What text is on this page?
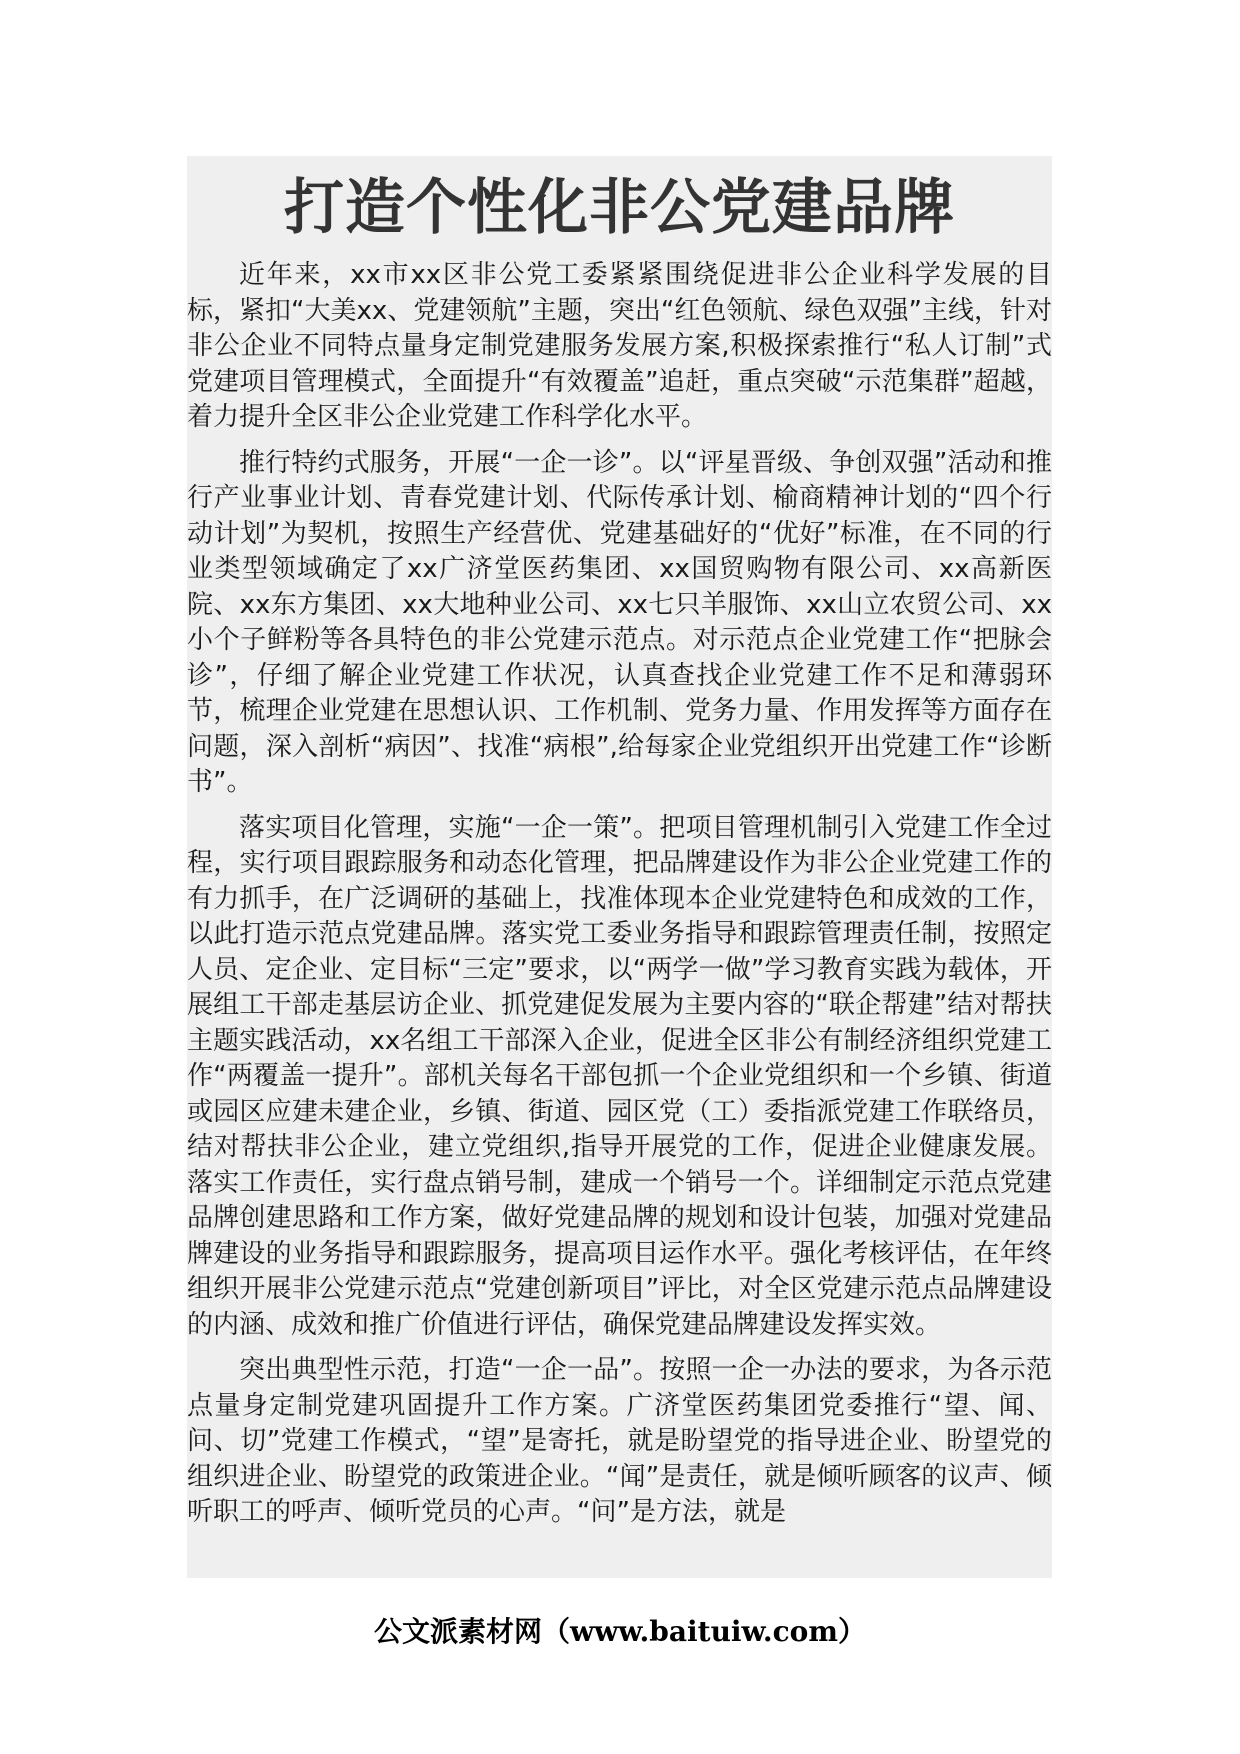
打造个性化非公党建品牌

近年来，xx市xx区非公党工委紧紧围绕促进非公企业科学发展的目标，紧扣“大美xx、党建领航”主题，突出“红色领航、绿色双强”主线，针对非公企业不同特点量身定制党建服务发展方案,积极探索推行“私人订制”式党建项目管理模式，全面提升“有效覆盖”追赶，重点突破“示范集群”超越，着力提升全区非公企业党建工作科学化水平。

推行特约式服务，开展“一企一诊”。以“评星晋级、争创双强”活动和推行产业事业计划、青春党建计划、代际传承计划、榆商精神计划的“四个行动计划”为契机，按照生产经营优、党建基础好的“优好”标准，在不同的行业类型领域确定了xx广济堂医药集团、xx国贸购物有限公司、xx高新医院、xx东方集团、xx大地种业公司、xx七只羊服饰、xx山立农贸公司、xx小个子鲜粉等各具特色的非公党建示范点。对示范点企业党建工作“把脉会诊”，仔细了解企业党建工作状况，认真查找企业党建工作不足和薄弱环节，梳理企业党建在思想认识、工作机制、党务力量、作用发挥等方面存在问题，深入剖析“病因”、找准“病根”,给每家企业党组织开出党建工作“诊断书”。

落实项目化管理，实施“一企一策”。把项目管理机制引入党建工作全过程，实行项目跟踪服务和动态化管理，把品牌建设作为非公企业党建工作的有力抓手，在广泛调研的基础上，找准体现本企业党建特色和成效的工作，以此打造示范点党建品牌。落实党工委业务指导和跟踪管理责任制，按照定人员、定企业、定目标“三定”要求，以“两学一做”学习教育实践为载体，开展组工干部走基层访企业、抓党建促发展为主要内容的“联企帮建”结对帮扶主题实践活动，xx名组工干部深入企业，促进全区非公有制经济组织党建工作“两覆盖一提升”。部机关每名干部包抓一个企业党组织和一个乡镇、街道或园区应建未建企业，乡镇、街道、园区党（工）委指派党建工作联络员，结对帮扶非公企业，建立党组织,指导开展党的工作，促进企业健康发展。落实工作责任，实行盘点销号制，建成一个销号一个。详细制定示范点党建品牌创建思路和工作方案，做好党建品牌的规划和设计包装，加强对党建品牌建设的业务指导和跟踪服务，提高项目运作水平。强化考核评估，在年终组织开展非公党建示范点“党建创新项目”评比，对全区党建示范点品牌建设的内涵、成效和推广价值进行评估，确保党建品牌建设发挥实效。

突出典型性示范，打造“一企一品”。按照一企一办法的要求，为各示范点量身定制党建巩固提升工作方案。广济堂医药集团党委推行“望、闻、问、切”党建工作模式，“望”是寄托，就是盼望党的指导进企业、盼望党的组织进企业、盼望党的政策进企业。“闻”是责任，就是倾听顾客的议声、倾听职工的呼声、倾听党员的心声。“问”是方法，就是

公文派素材网（www.baituiw.com）
